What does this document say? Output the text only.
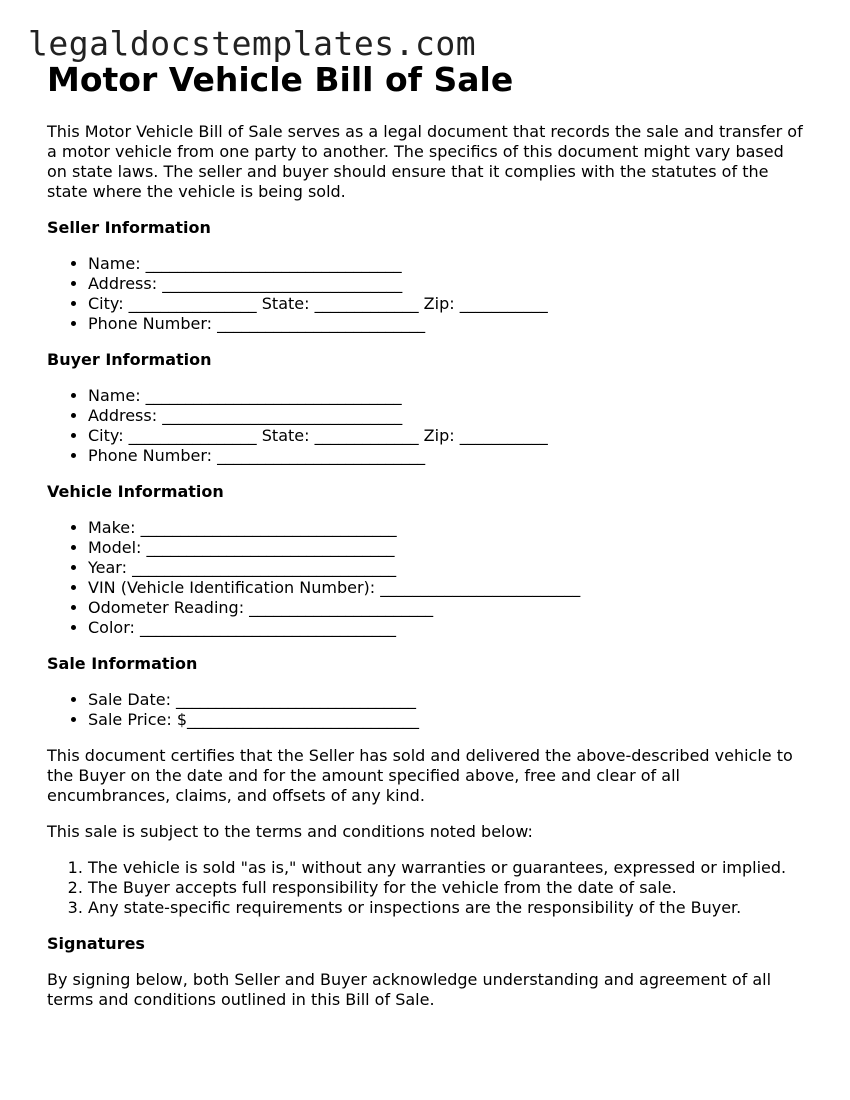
legaldocstemplates.com
Motor Vehicle Bill of Sale

This Motor Vehicle Bill of Sale serves as a legal document that records the sale and transfer of a motor vehicle from one party to another. The specifics of this document might vary based on state laws. The seller and buyer should ensure that it complies with the statutes of the state where the vehicle is being sold.

Seller Information
• Name: ________________________________
• Address: ______________________________
• City: ________________ State: _____________ Zip: ___________
• Phone Number: __________________________
Buyer Information
• Name: ________________________________
• Address: ______________________________
• City: ________________ State: _____________ Zip: ___________
• Phone Number: __________________________
Vehicle Information
• Make: ________________________________
• Model: _______________________________
• Year: _________________________________
• VIN (Vehicle Identification Number): _________________________
• Odometer Reading: _______________________
• Color: ________________________________
Sale Information
• Sale Date: ______________________________
• Sale Price: $_____________________________

This document certifies that the Seller has sold and delivered the above-described vehicle to the Buyer on the date and for the amount specified above, free and clear of all encumbrances, claims, and offsets of any kind.

This sale is subject to the terms and conditions noted below:

1. The vehicle is sold "as is," without any warranties or guarantees, expressed or implied.
2. The Buyer accepts full responsibility for the vehicle from the date of sale.
3. Any state-specific requirements or inspections are the responsibility of the Buyer.
Signatures

By signing below, both Seller and Buyer acknowledge understanding and agreement of all terms and conditions outlined in this Bill of Sale.
